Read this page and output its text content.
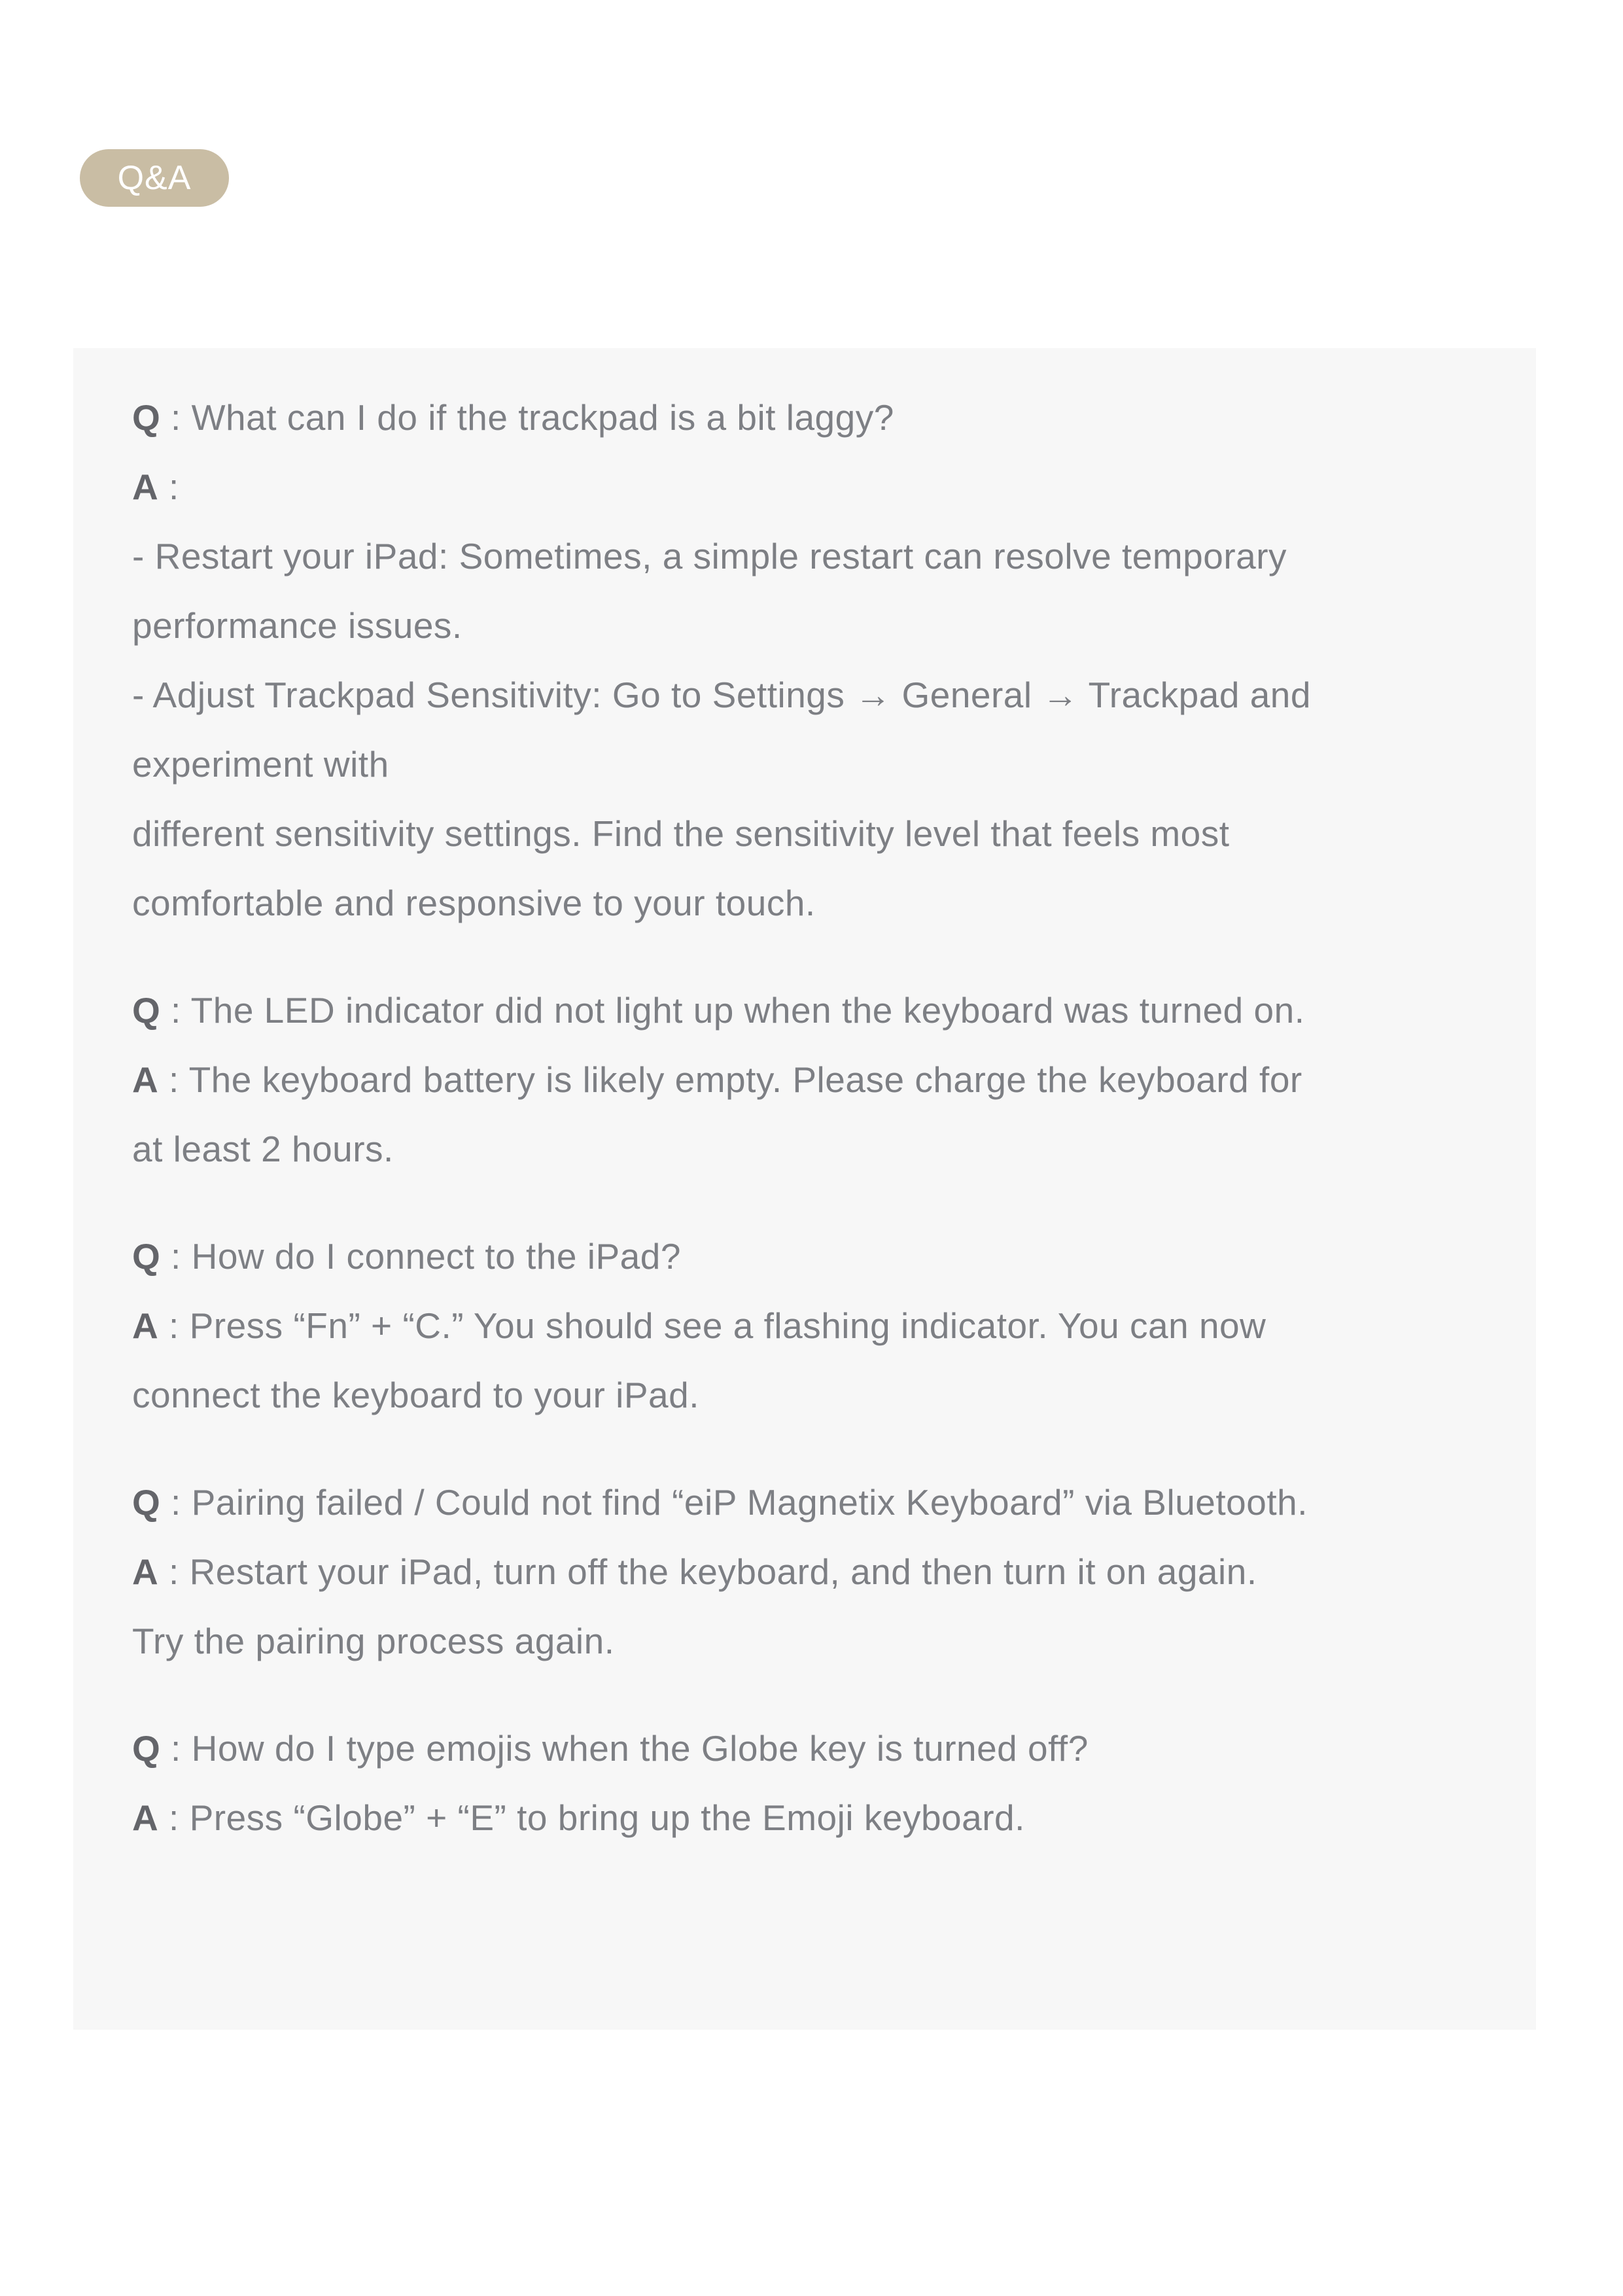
Q&A
Q : What can I do if the trackpad is a bit laggy?
A :
- Restart your iPad: Sometimes, a simple restart can resolve temporary
performance issues.
- Adjust Trackpad Sensitivity: Go to Settings → General → Trackpad and
experiment with
different sensitivity settings. Find the sensitivity level that feels most
comfortable and responsive to your touch.
Q : The LED indicator did not light up when the keyboard was turned on.
A : The keyboard battery is likely empty. Please charge the keyboard for
at least 2 hours.
Q : How do I connect to the iPad?
A : Press “Fn” + “C.” You should see a flashing indicator. You can now
connect the keyboard to your iPad.
Q : Pairing failed / Could not find “eiP Magnetix Keyboard” via Bluetooth.
A : Restart your iPad, turn off the keyboard, and then turn it on again.
Try the pairing process again.
Q : How do I type emojis when the Globe key is turned off?
A : Press “Globe” + “E” to bring up the Emoji keyboard.
